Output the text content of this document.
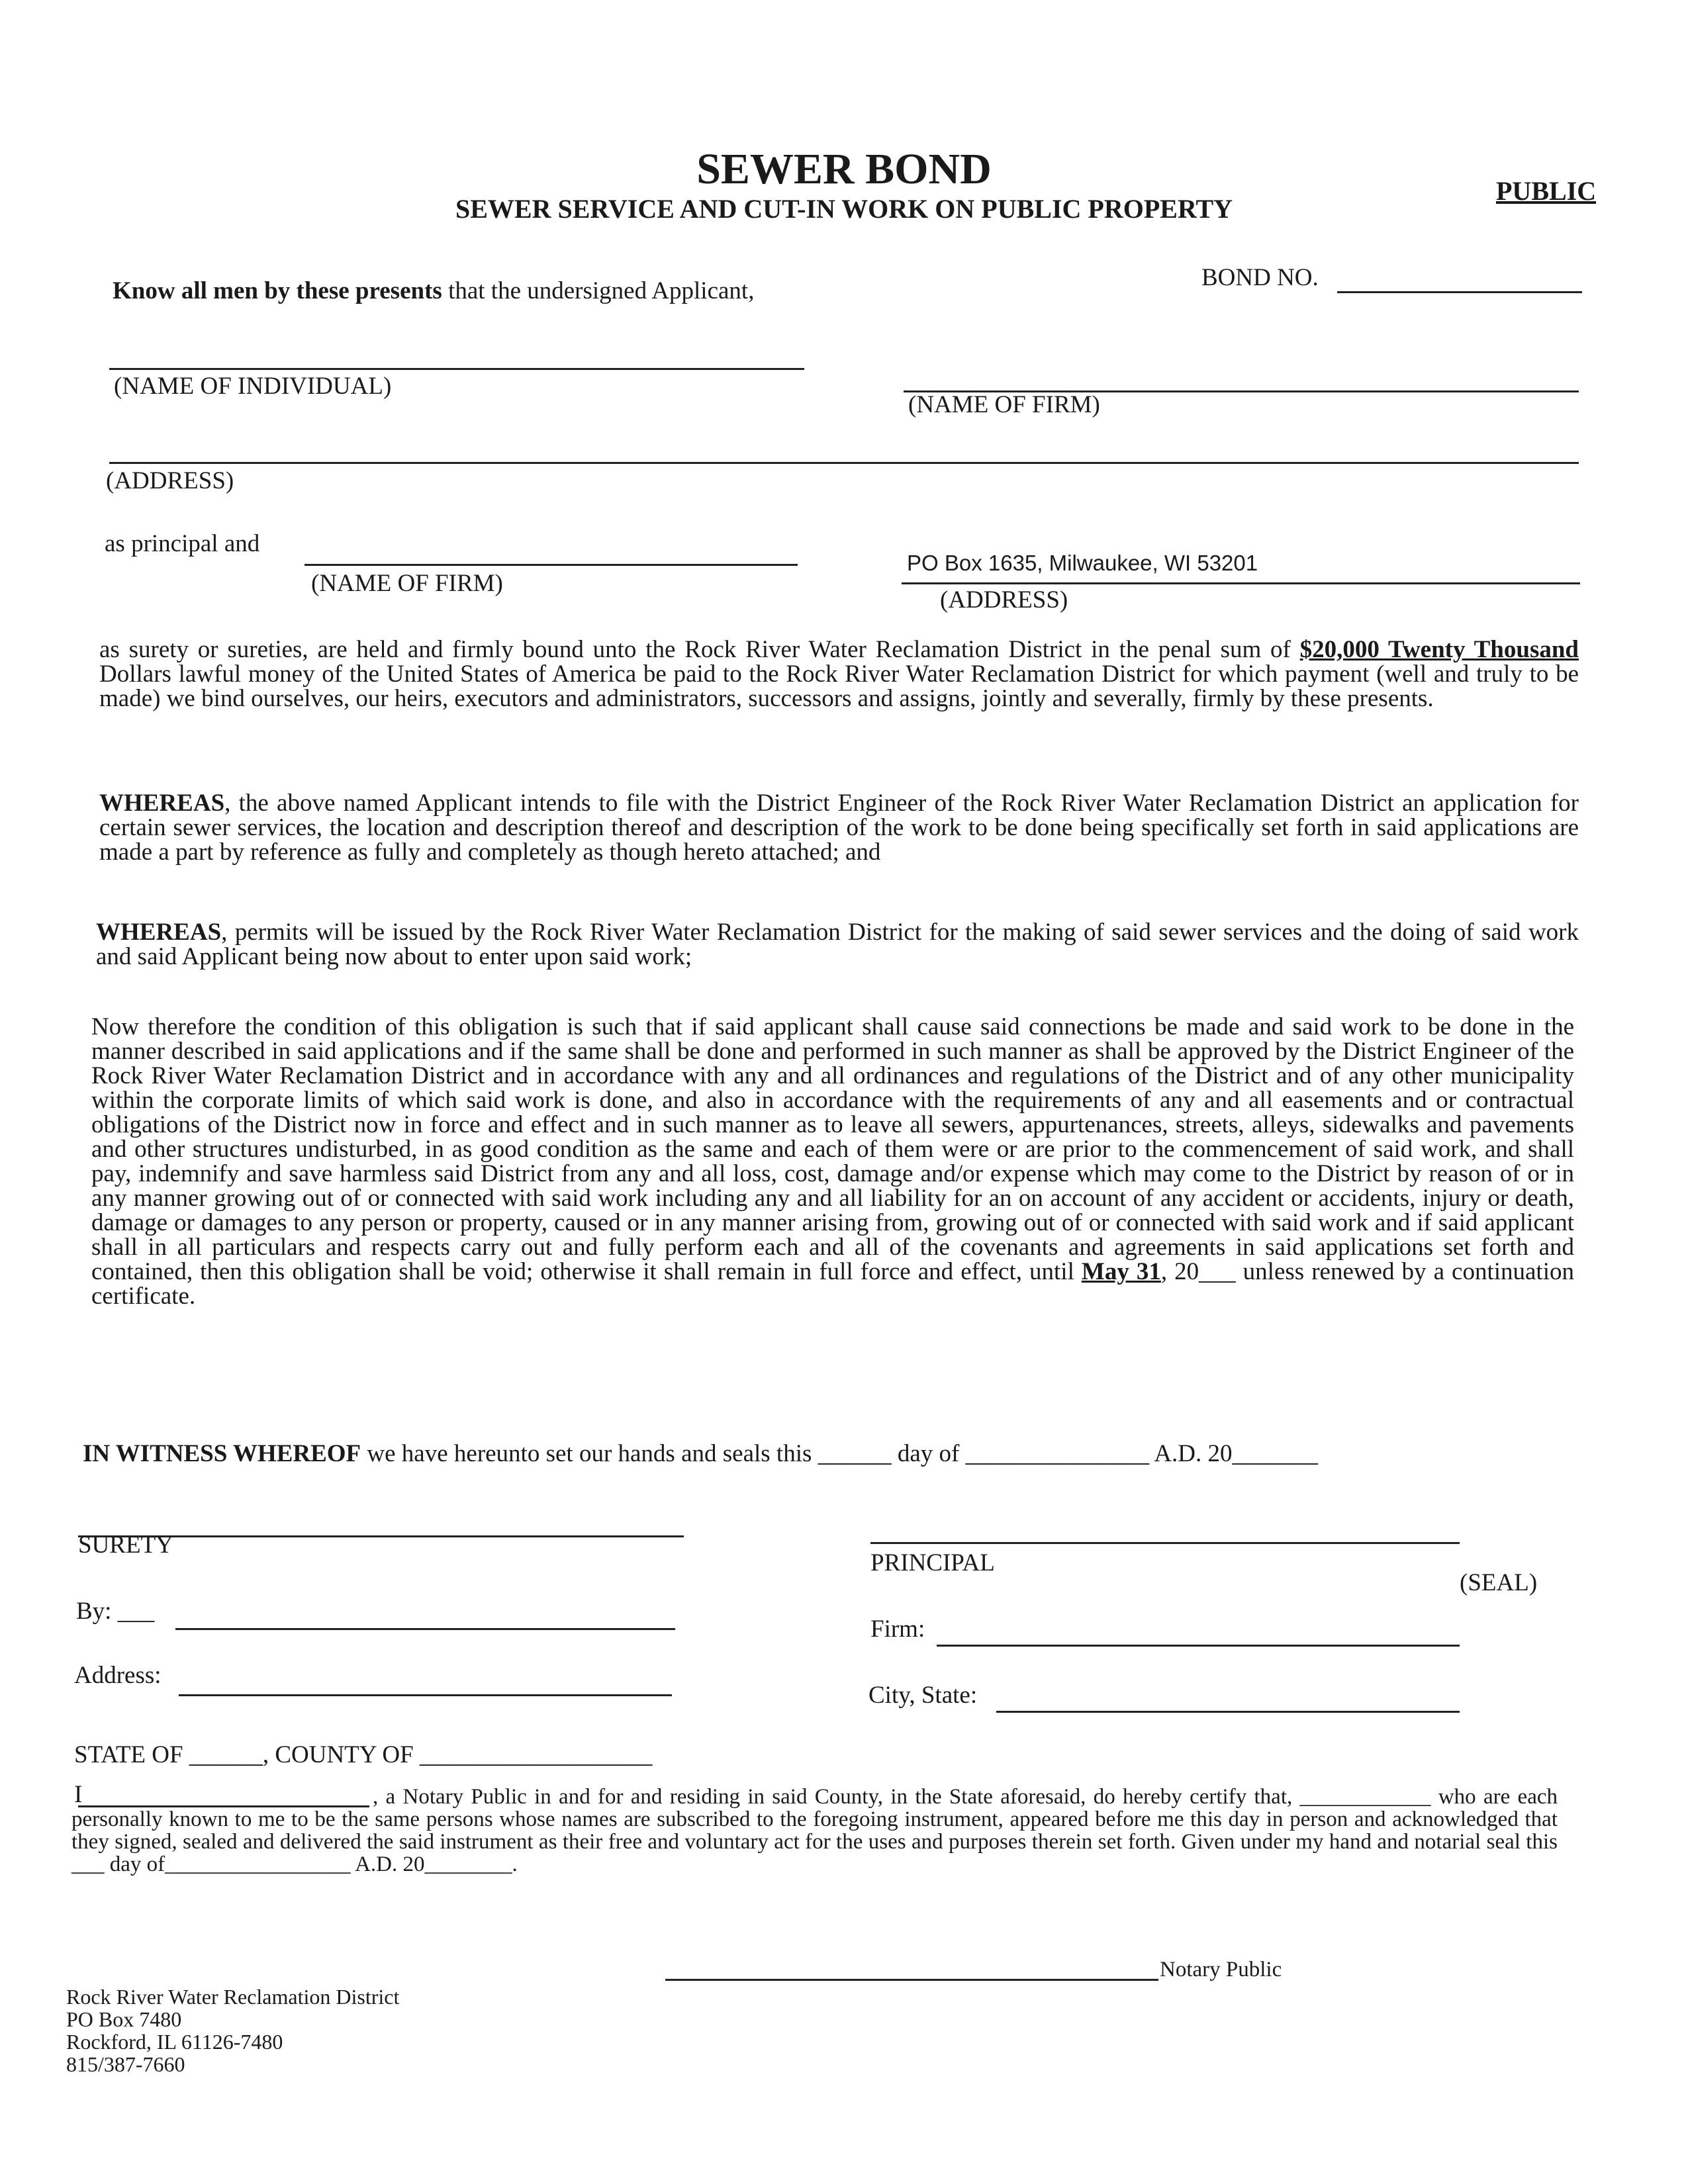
SEWER BOND
SEWER SERVICE AND CUT-IN WORK ON PUBLIC PROPERTY
PUBLIC
Know all men by these presents that the undersigned Applicant,	BOND NO.
(NAME OF INDIVIDUAL)
(NAME OF FIRM)
(ADDRESS)
as principal and
(NAME OF FIRM)
PO Box 1635, Milwaukee, WI 53201
(ADDRESS)
as surety or sureties, are held and firmly bound unto the Rock River Water Reclamation District in the penal sum of $20,000 Twenty Thousand Dollars lawful money of the United States of America be paid to the Rock River Water Reclamation District for which payment (well and truly to be made) we bind ourselves, our heirs, executors and administrators, successors and assigns, jointly and severally, firmly by these presents.
WHEREAS, the above named Applicant intends to file with the District Engineer of the Rock River Water Reclamation District an application for certain sewer services, the location and description thereof and description of the work to be done being specifically set forth in said applications are made a part by reference as fully and completely as though hereto attached; and
WHEREAS, permits will be issued by the Rock River Water Reclamation District for the making of said sewer services and the doing of said work and said Applicant being now about to enter upon said work;
Now therefore the condition of this obligation is such that if said applicant shall cause said connections be made and said work to be done in the manner described in said applications and if the same shall be done and performed in such manner as shall be approved by the District Engineer of the Rock River Water Reclamation District and in accordance with any and all ordinances and regulations of the District and of any other municipality within the corporate limits of which said work is done, and also in accordance with the requirements of any and all easements and or contractual obligations of the District now in force and effect and in such manner as to leave all sewers, appurtenances, streets, alleys, sidewalks and pavements and other structures undisturbed, in as good condition as the same and each of them were or are prior to the commencement of said work, and shall pay, indemnify and save harmless said District from any and all loss, cost, damage and/or expense which may come to the District by reason of or in any manner growing out of or connected with said work including any and all liability for an on account of any accident or accidents, injury or death, damage or damages to any person or property, caused or in any manner arising from, growing out of or connected with said work and if said applicant shall in all particulars and respects carry out and fully perform each and all of the covenants and agreements in said applications set forth and contained, then this obligation shall be void; otherwise it shall remain in full force and effect, until May 31, 20___ unless renewed by a continuation certificate.
IN WITNESS WHEREOF we have hereunto set our hands and seals this ______ day of _______________ A.D. 20_______
SURETY
By: ___
Address:
PRINCIPAL
(SEAL)
Firm:
City, State:
STATE OF ______, COUNTY OF ___________________
I	, a Notary Public in and for and residing in said County, in the State aforesaid, do hereby certify that, ____________ who are each personally known to me to be the same persons whose names are subscribed to the foregoing instrument, appeared before me this day in person and acknowledged that they signed, sealed and delivered the said instrument as their free and voluntary act for the uses and purposes therein set forth. Given under my hand and notarial seal this ___ day of_________________ A.D. 20________.
Notary Public
Rock River Water Reclamation District
PO Box 7480
Rockford, IL 61126-7480
815/387-7660
